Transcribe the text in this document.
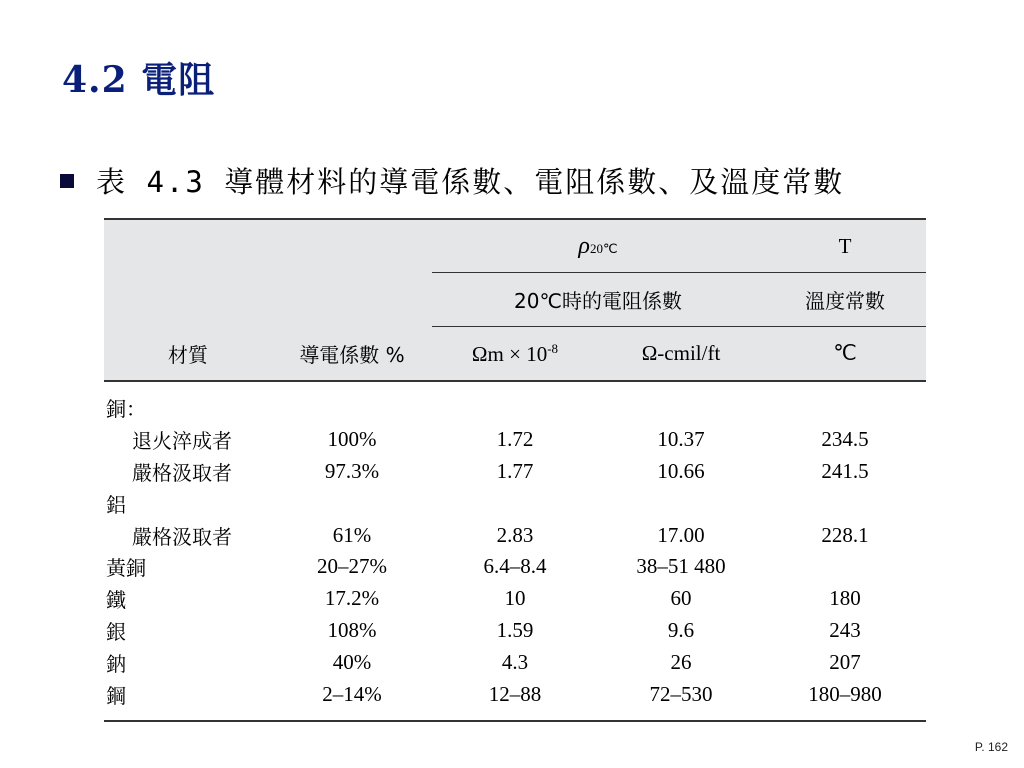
4.2 電阻
表 4.3 導體材料的導電係數、電阻係數、及溫度常數
		ρ20℃		T
		20℃時的電阻係數		溫度常數
材質	導電係數 %	$\Omega m \times 10^{-8}$	Ω-cmil/ft	℃
銅：				
退火淬成者	100%	1.72	10.37	234.5
嚴格汲取者	97.3%	1.77	10.66	241.5
鋁				
嚴格汲取者	61%	2.83	17.00	228.1
黃銅	20–27%	6.4–8.4	38–51 480	
鐵	17.2%	10	60	180
銀	108%	1.59	9.6	243
鈉	40%	4.3	26	207
鋼	2–14%	12–88	72–530	180–980
P. 162
